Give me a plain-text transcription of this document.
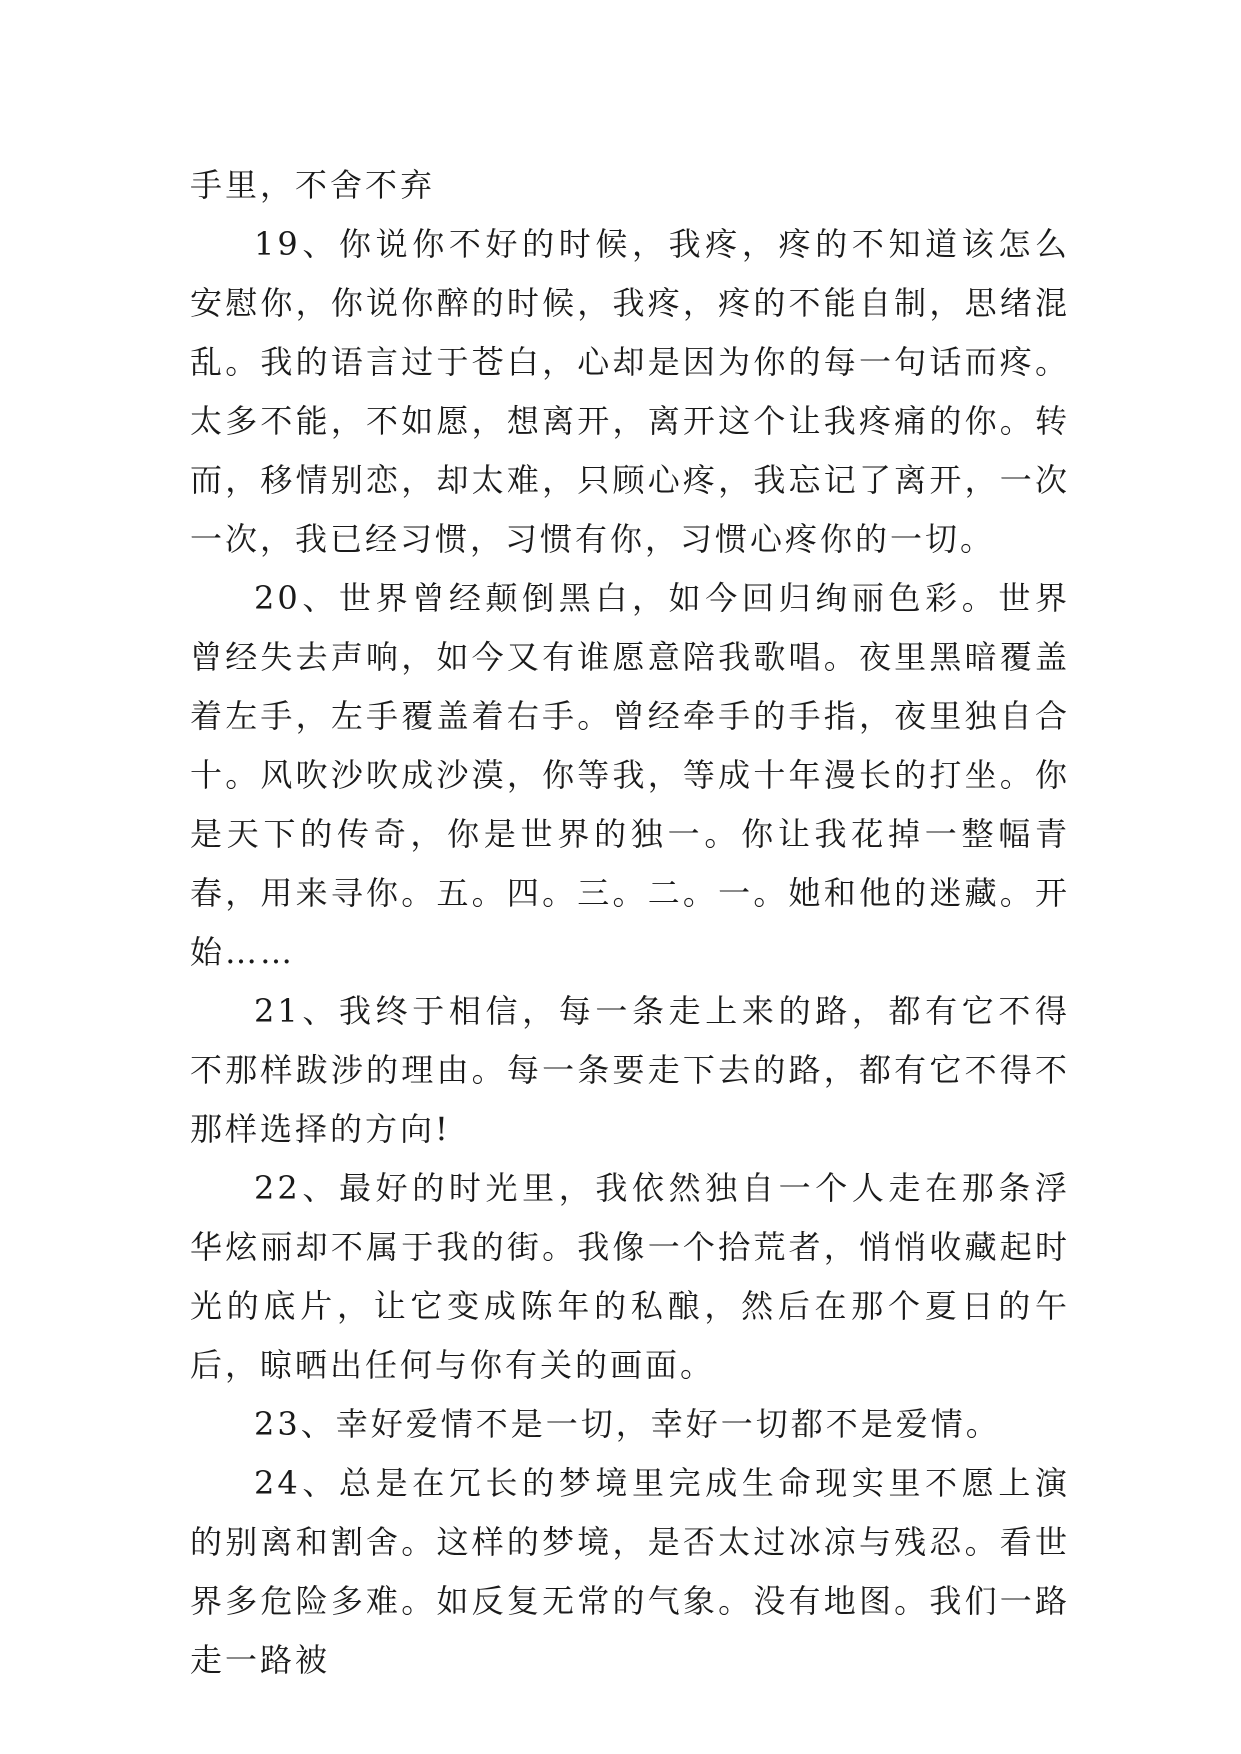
手里，不舍不弃

19、你说你不好的时候，我疼，疼的不知道该怎么安慰你，你说你醉的时候，我疼，疼的不能自制，思绪混乱。我的语言过于苍白，心却是因为你的每一句话而疼。太多不能，不如愿，想离开，离开这个让我疼痛的你。转而，移情别恋，却太难，只顾心疼，我忘记了离开，一次一次，我已经习惯，习惯有你，习惯心疼你的一切。

20、世界曾经颠倒黑白，如今回归绚丽色彩。世界曾经失去声响，如今又有谁愿意陪我歌唱。夜里黑暗覆盖着左手，左手覆盖着右手。曾经牵手的手指，夜里独自合十。风吹沙吹成沙漠，你等我，等成十年漫长的打坐。你是天下的传奇，你是世界的独一。你让我花掉一整幅青春，用来寻你。五。四。三。二。一。她和他的迷藏。开始……

21、我终于相信，每一条走上来的路，都有它不得不那样跋涉的理由。每一条要走下去的路，都有它不得不那样选择的方向!

22、最好的时光里，我依然独自一个人走在那条浮华炫丽却不属于我的街。我像一个拾荒者，悄悄收藏起时光的底片，让它变成陈年的私酿，然后在那个夏日的午后，晾晒出任何与你有关的画面。

23、幸好爱情不是一切，幸好一切都不是爱情。

24、总是在冗长的梦境里完成生命现实里不愿上演的别离和割舍。这样的梦境，是否太过冰凉与残忍。看世界多危险多难。如反复无常的气象。没有地图。我们一路走一路被
